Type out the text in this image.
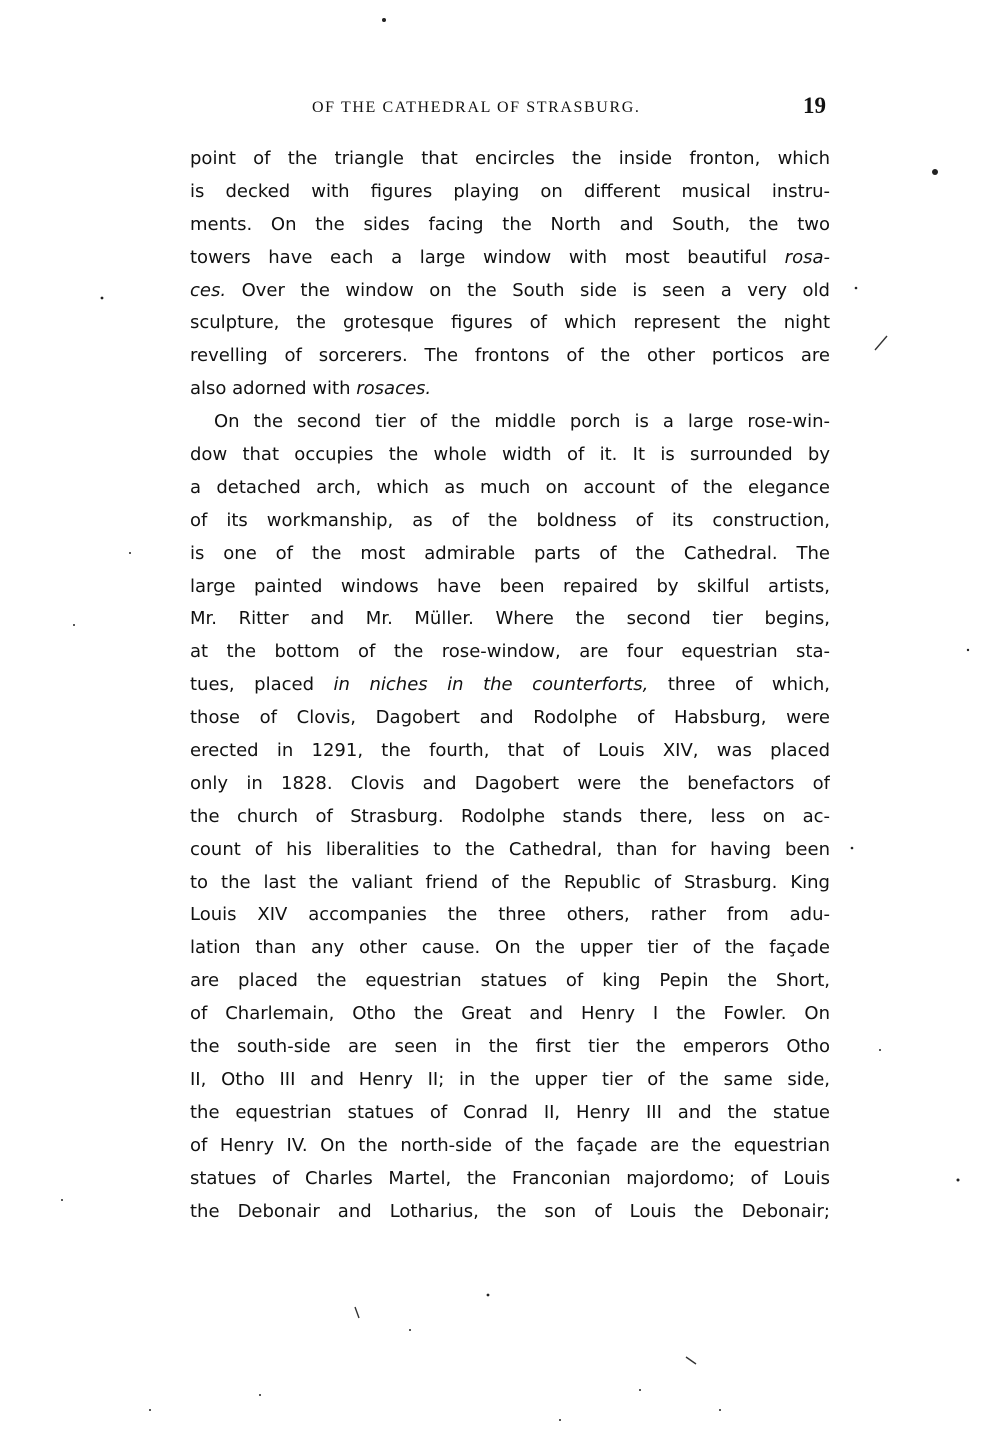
OF THE CATHEDRAL OF STRASBURG.	19
point of the triangle that encircles the inside fronton, which
is decked with figures playing on different musical instru-
ments. On the sides facing the North and South, the two
towers have each a large window with most beautiful rosa-
ces. Over the window on the South side is seen a very old
sculpture, the grotesque figures of which represent the night
revelling of sorcerers. The frontons of the other porticos are
also adorned with rosaces.
On the second tier of the middle porch is a large rose-win-
dow that occupies the whole width of it. It is surrounded by
a detached arch, which as much on account of the elegance
of its workmanship, as of the boldness of its construction,
is one of the most admirable parts of the Cathedral. The
large painted windows have been repaired by skilful artists,
Mr. Ritter and Mr. Müller. Where the second tier begins,
at the bottom of the rose-window, are four equestrian sta-
tues, placed in niches in the counterforts, three of which,
those of Clovis, Dagobert and Rodolphe of Habsburg, were
erected in 1291, the fourth, that of Louis XIV, was placed
only in 1828. Clovis and Dagobert were the benefactors of
the church of Strasburg. Rodolphe stands there, less on ac-
count of his liberalities to the Cathedral, than for having been
to the last the valiant friend of the Republic of Strasburg. King
Louis XIV accompanies the three others, rather from adu-
lation than any other cause. On the upper tier of the façade
are placed the equestrian statues of king Pepin the Short,
of Charlemain, Otho the Great and Henry I the Fowler. On
the south-side are seen in the first tier the emperors Otho
II, Otho III and Henry II; in the upper tier of the same side,
the equestrian statues of Conrad II, Henry III and the statue
of Henry IV. On the north-side of the façade are the equestrian
statues of Charles Martel, the Franconian majordomo; of Louis
the Debonair and Lotharius, the son of Louis the Debonair;
